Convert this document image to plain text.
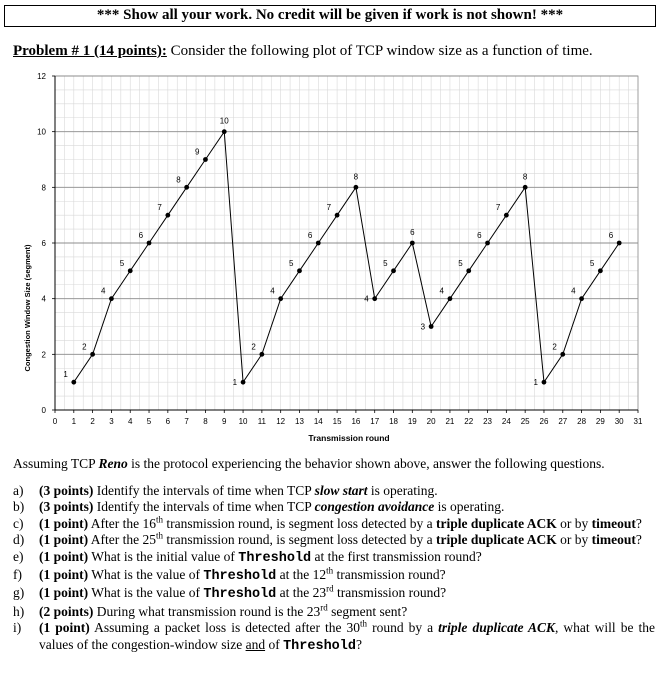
*** Show all your work. No credit will be given if work is not shown! ***
Problem # 1 (14 points): Consider the following plot of TCP window size as a function of time.
0 1 2 3 4 5 6 7 8 9 10 11 12 13 14 15 16 17 18 19 20 21 22 23 24 25 26 27 28 29 30 31
0
2
4
6
8
10
12
1
2
4
5
6
7
8
9
10
1
2
4
5
6
7
8
4
5
6
3
4
5
6
7
8
1
2
4
5
6
Transmission round
Congestion Window Size (segment)
Assuming TCP Reno is the protocol experiencing the behavior shown above, answer the following questions.
a) (3 points) Identify the intervals of time when TCP slow start is operating.
b) (3 points) Identify the intervals of time when TCP congestion avoidance is operating.
c) (1 point) After the 16th transmission round, is segment loss detected by a triple duplicate ACK or by timeout?
d) (1 point) After the 25th transmission round, is segment loss detected by a triple duplicate ACK or by timeout?
e) (1 point) What is the initial value of Threshold at the first transmission round?
f) (1 point) What is the value of Threshold at the 12th transmission round?
g) (1 point) What is the value of Threshold at the 23rd transmission round?
h) (2 points) During what transmission round is the 23rd segment sent?
i) (1 point) Assuming a packet loss is detected after the 30th round by a triple duplicate ACK, what will be the values of the congestion-window size and of Threshold?
